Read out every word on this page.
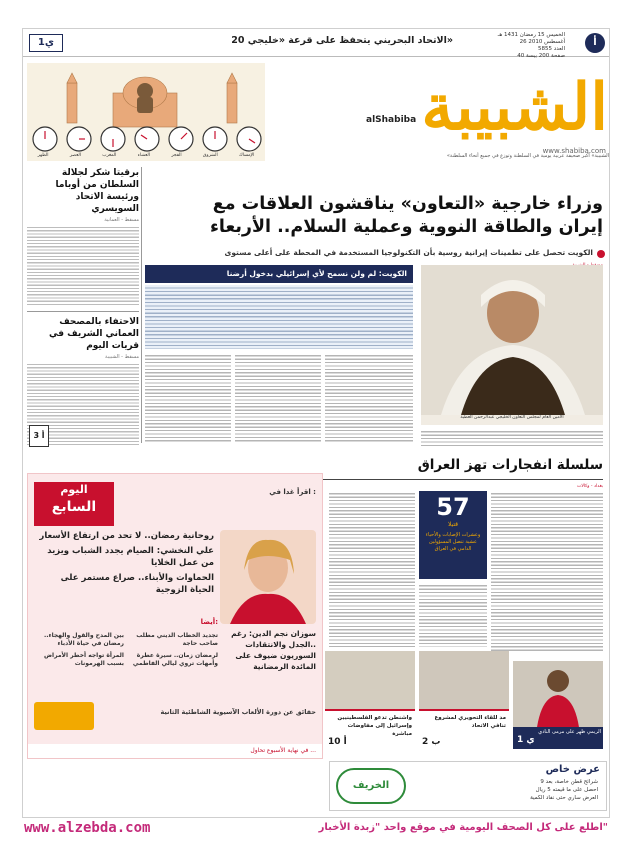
أ
الخميس 15 رمضان 1431 هـ
26 أغسطس 2010
العدد 5855
40 صفحة 200 بيسة
الاتحاد البحريني يتحفظ على قرعة «خليجي 20»
ي1
الشبيبة
alShabiba
www.shabiba.com
«الشبيبة» أكبر صحيفة عربية يومية في السلطنة وتوزع في جميع أنحاء السلطنة
الظهر	العصر	المغرب	العشاء	الفجر	الشروق	الإمساك
وزراء خارجية «التعاون» يناقشون العلاقات مع
إيران والطاقة النووية وعملية السلام.. الأربعاء
الكويت تحصل على تطمينات إيرانية روسية بأن التكنولوجيا المستخدمة في المحطة على أعلى مستوى
برقيتا شكر لجلالة السلطان من أوباما ورئيسة الاتحاد السويسري
مسقط - العمانية
الاحتفاء بالمصحف العماني الشريف في قريات اليوم
مسقط - الشبيبة
3 أ
الكويت: لم ولن نسمح لأي إسرائيلي بدخول أرضنا
الأمين العام لمجلس التعاون الخليجي عبدالرحمن العطية
سلسلة انفجارات تهز العراق
بغداد - وكالات
57
قتيلا
وعشرات الإصابات والأحياء عشية تنصل المسؤولين الدامي في العراق
اليوم
السابع
اقرأ غدا في :
روحانية رمضان.. لا تحد من ارتفاع الأسعار
علي النخشي: الصيام يجدد الشباب ويزيد من عمل الخلايا
الحماوات والأبناء.. صراع مستمر على الحياة الزوجية
سوزان نجم الدين: رغم الجدل والانتقادات..
السوريون ضيوف على المائدة الرمضانية
أيضا:
بين المدح والقول والهجاء.. رمضان في حياة الأدباء
تجديد الخطاب الديني مطلب صاحب حاجة
المرأة تواجه أخطر الأمراض بسبب الهرمونات
لرمضان زمان.. سيرة عطرة وأمهات تروي ليالي الفاطمي
حقائق عن دورة الألعاب الآسيوية الشاطئية الثانية
في نهاية الأسبوع تحاول ...
واشنطن تدعو الفلسطينيين وإسرائيل إلى مفاوضات مباشرة
10 أ
مد للقاء التحويري لمشروع تنافي الاتحاد
2 ب
الريمي ظهر على مرمى النادي
1 ي
عرض خاص
الخريف	9 شرائح قطن خاصة، بعد
احصل على ما قيمته 5 ريال
العرض ساري حتى نفاد الكمية
www.alzebda.com	اطلع على كل الصحف اليومية في موقع واحد "زبدة الأخبار"
